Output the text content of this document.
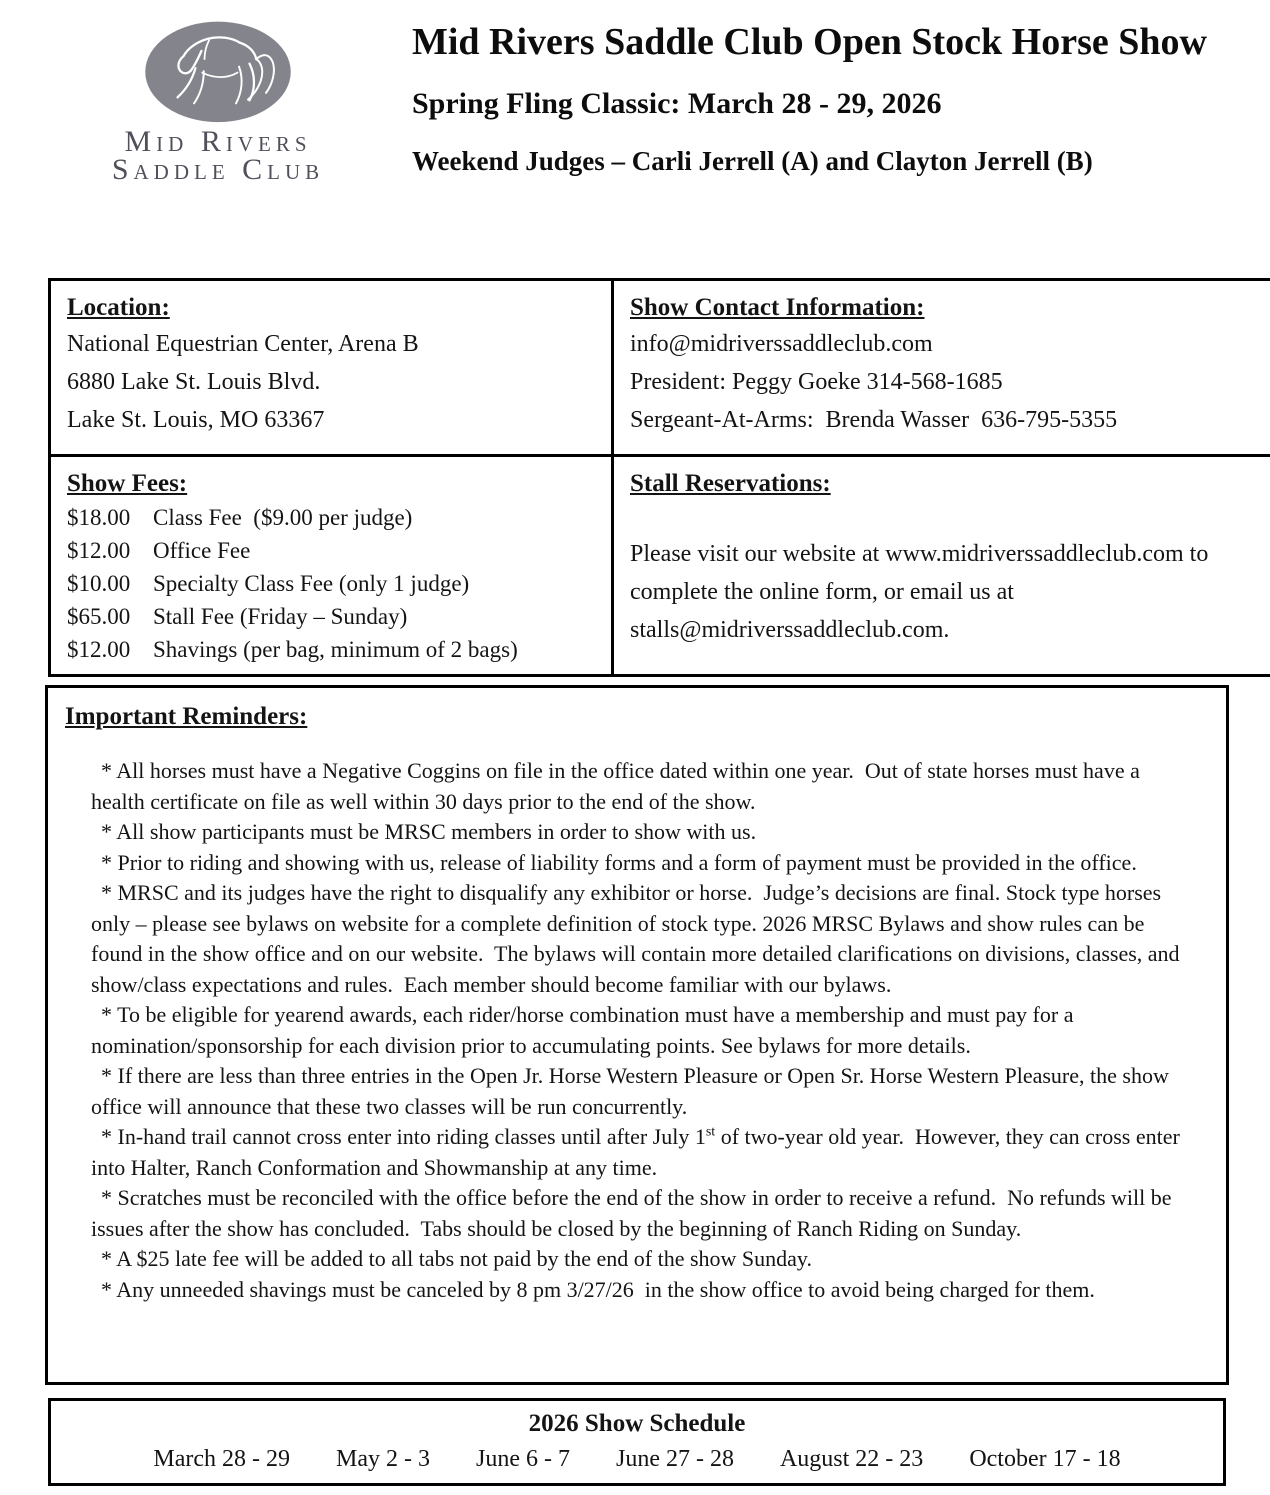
Mid Rivers
Saddle Club
Mid Rivers Saddle Club Open Stock Horse Show
Spring Fling Classic: March 28 - 29, 2026
Weekend Judges – Carli Jerrell (A) and Clayton Jerrell (B)
Location:
National Equestrian Center, Arena B
6880 Lake St. Louis Blvd.
Lake St. Louis, MO 63367

Show Contact Information:
info@midriverssaddleclub.com
President: Peggy Goeke 314-568-1685
Sergeant-At-Arms:  Brenda Wasser  636-795-5355

Show Fees:
$18.00 Class Fee  ($9.00 per judge)
$12.00 Office Fee
$10.00 Specialty Class Fee (only 1 judge)
$65.00 Stall Fee (Friday – Sunday)
$12.00 Shavings (per bag, minimum of 2 bags)

Stall Reservations:
Please visit our website at www.midriverssaddleclub.com to complete the online form, or email us at stalls@midriverssaddleclub.com.
Important Reminders:

* All horses must have a Negative Coggins on file in the office dated within one year.  Out of state horses must have a health certificate on file as well within 30 days prior to the end of the show.

* All show participants must be MRSC members in order to show with us.

* Prior to riding and showing with us, release of liability forms and a form of payment must be provided in the office.

* MRSC and its judges have the right to disqualify any exhibitor or horse.  Judge’s decisions are final. Stock type horses only – please see bylaws on website for a complete definition of stock type. 2026 MRSC Bylaws and show rules can be found in the show office and on our website.  The bylaws will contain more detailed clarifications on divisions, classes, and show/class expectations and rules.  Each member should become familiar with our bylaws.

* To be eligible for yearend awards, each rider/horse combination must have a membership and must pay for a nomination/sponsorship for each division prior to accumulating points. See bylaws for more details.

* If there are less than three entries in the Open Jr. Horse Western Pleasure or Open Sr. Horse Western Pleasure, the show office will announce that these two classes will be run concurrently.

* In-hand trail cannot cross enter into riding classes until after July 1st of two-year old year.  However, they can cross enter into Halter, Ranch Conformation and Showmanship at any time.

* Scratches must be reconciled with the office before the end of the show in order to receive a refund.  No refunds will be issues after the show has concluded.  Tabs should be closed by the beginning of Ranch Riding on Sunday.

* A $25 late fee will be added to all tabs not paid by the end of the show Sunday.

* Any unneeded shavings must be canceled by 8 pm 3/27/26  in the show office to avoid being charged for them.

2026 Show Schedule
March 28 - 29 May 2 - 3 June 6 - 7 June 27 - 28 August 22 - 23 October 17 - 18
